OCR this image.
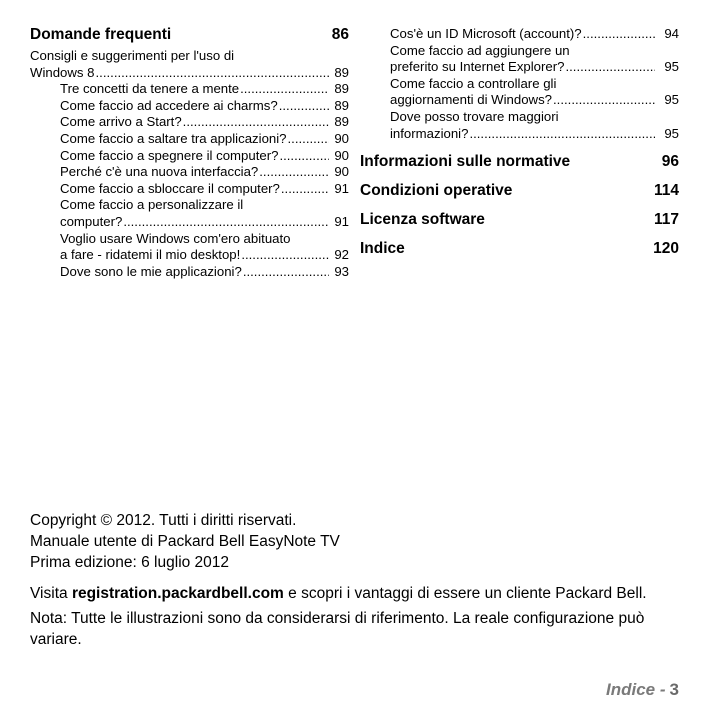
Domande frequenti	86
Consigli e suggerimenti per l'uso di
Windows 8 .....	89
Tre concetti da tenere a mente .....	89
Come faccio ad accedere ai charms? .....	89
Come arrivo a Start? .....	89
Come faccio a saltare tra applicazioni? .....	90
Come faccio a spegnere il computer? .....	90
Perché c'è una nuova interfaccia? .....	90
Come faccio a sbloccare il computer? .....	91
Come faccio a personalizzare il
computer? .....	91
Voglio usare Windows com'ero abituato
a fare - ridatemi il mio desktop! .....	92
Dove sono le mie applicazioni? .....	93
Cos'è un ID Microsoft (account)? .....	94
Come faccio ad aggiungere un
preferito su Internet Explorer? .....	95
Come faccio a controllare gli
aggiornamenti di Windows? .....	95
Dove posso trovare maggiori
informazioni? .....	95
Informazioni sulle normative	96
Condizioni operative	114
Licenza software	117
Indice	120
Copyright © 2012. Tutti i diritti riservati.
Manuale utente di Packard Bell EasyNote TV
Prima edizione: 6 luglio 2012
Visita registration.packardbell.com e scopri i vantaggi di essere un cliente Packard Bell.
Nota: Tutte le illustrazioni sono da considerarsi di riferimento. La reale configurazione può variare.
Indice - 3
